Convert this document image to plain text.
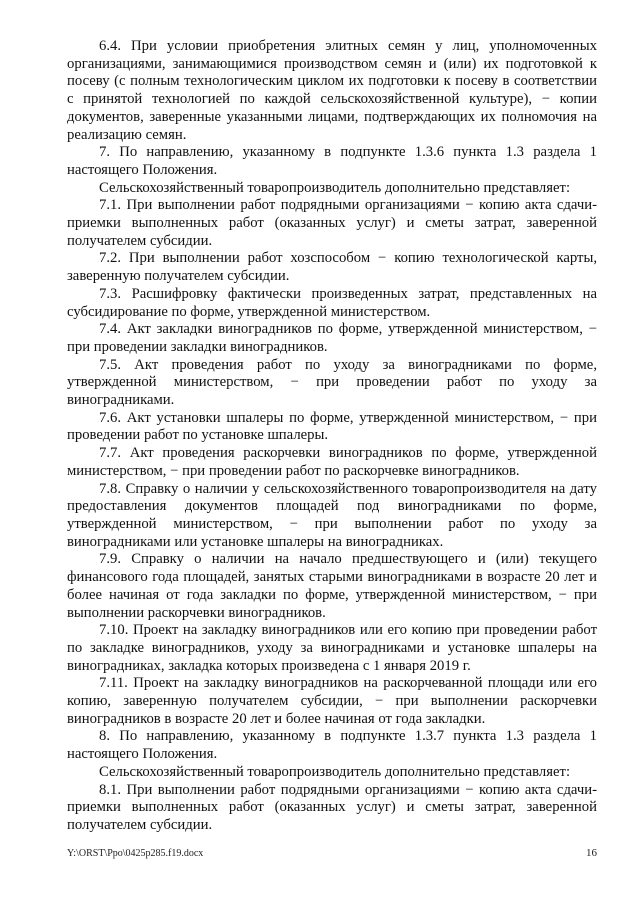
6.4. При условии приобретения элитных семян у лиц, уполномоченных организациями, занимающимися производством семян и (или) их подготовкой к посеву (с полным технологическим циклом их подготовки к посеву в соответствии с принятой технологией по каждой сельскохозяйственной культуре), − копии документов, заверенные указанными лицами, подтверждающих их полномочия на реализацию семян.

7. По направлению, указанному в подпункте 1.3.6 пункта 1.3 раздела 1 настоящего Положения.

Сельскохозяйственный товаропроизводитель дополнительно представляет:

7.1. При выполнении работ подрядными организациями − копию акта сдачи-приемки выполненных работ (оказанных услуг) и сметы затрат, заверенной получателем субсидии.

7.2. При выполнении работ хозспособом − копию технологической карты, заверенную получателем субсидии.

7.3. Расшифровку фактически произведенных затрат, представленных на субсидирование по форме, утвержденной министерством.

7.4. Акт закладки виноградников по форме, утвержденной министерством, − при проведении закладки виноградников.

7.5. Акт проведения работ по уходу за виноградниками по форме, утвержденной министерством, − при проведении работ по уходу за виноградниками.

7.6. Акт установки шпалеры по форме, утвержденной министерством, − при проведении работ по установке шпалеры.

7.7. Акт проведения раскорчевки виноградников по форме, утвержденной министерством, − при проведении работ по раскорчевке виноградников.

7.8. Справку о наличии у сельскохозяйственного товаропроизводителя на дату предоставления документов площадей под виноградниками по форме, утвержденной министерством, − при выполнении работ по уходу за виноградниками или установке шпалеры на виноградниках.

7.9. Справку о наличии на начало предшествующего и (или) текущего финансового года площадей, занятых старыми виноградниками в возрасте 20 лет и более начиная от года закладки по форме, утвержденной министерством, − при выполнении раскорчевки виноградников.

7.10. Проект на закладку виноградников или его копию при проведении работ по закладке виноградников, уходу за виноградниками и установке шпалеры на виноградниках, закладка которых произведена с 1 января 2019 г.

7.11. Проект на закладку виноградников на раскорчеванной площади или его копию, заверенную получателем субсидии, − при выполнении раскорчевки виноградников в возрасте 20 лет и более начиная от года закладки.

8. По направлению, указанному в подпункте 1.3.7 пункта 1.3 раздела 1 настоящего Положения.

Сельскохозяйственный товаропроизводитель дополнительно представляет:

8.1. При выполнении работ подрядными организациями − копию акта сдачи-приемки выполненных работ (оказанных услуг) и сметы затрат, заверенной получателем субсидии.

Y:\ORST\Ppo\0425p285.f19.docx	16
